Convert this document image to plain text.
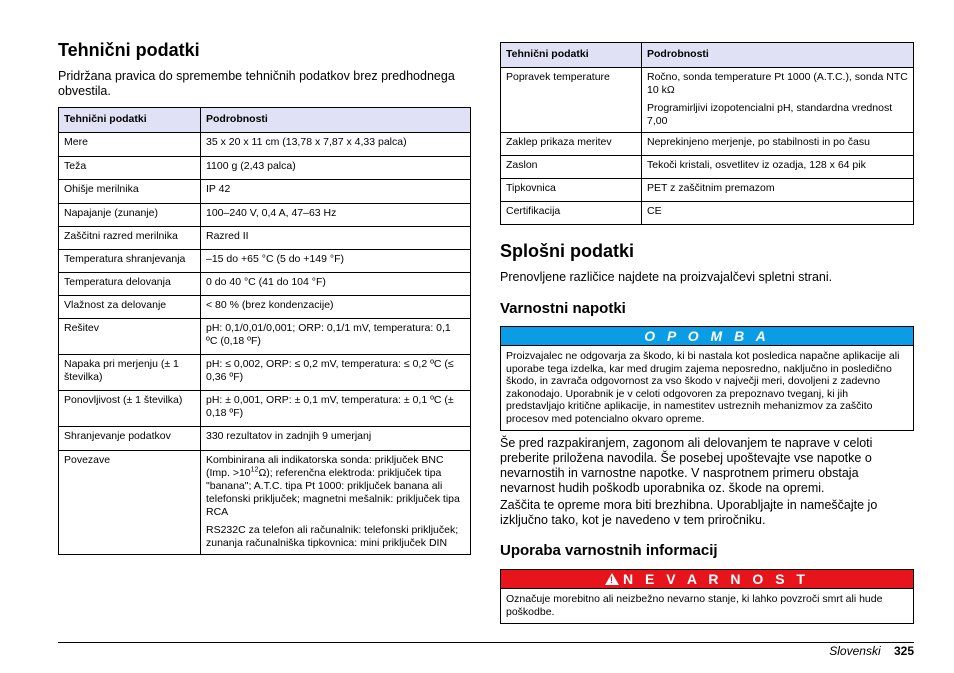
Tehnični podatki

Pridržana pravica do spremembe tehničnih podatkov brez predhodnega obvestila.

Tehnični podatki	Podrobnosti
Mere	35 x 20 x 11 cm (13,78 x 7,87 x 4,33 palca)
Teža	1100 g (2,43 palca)
Ohišje merilnika	IP 42
Napajanje (zunanje)	100–240 V, 0,4 A, 47–63 Hz
Zaščitni razred merilnika	Razred II
Temperatura shranjevanja	–15 do +65 °C (5 do +149 °F)
Temperatura delovanja	0 do 40 °C (41 do 104 °F)
Vlažnost za delovanje	< 80 % (brez kondenzacije)
Rešitev	pH: 0,1/0,01/0,001; ORP: 0,1/1 mV, temperatura: 0,1 ºC (0,18 ºF)
Napaka pri merjenju (± 1 številka)	pH: ≤ 0,002, ORP: ≤ 0,2 mV, temperatura: ≤ 0,2 ºC (≤ 0,36 ºF)
Ponovljivost (± 1 številka)	pH: ± 0,001, ORP: ± 0,1 mV, temperatura: ± 0,1 ºC (± 0,18 ºF)
Shranjevanje podatkov	330 rezultatov in zadnjih 9 umerjanj
Povezave	Kombinirana ali indikatorska sonda: priključek BNC (Imp. $>10^{12}\Omega$); referenčna elektroda: priključek tipa "banana"; A.T.C. tipa Pt 1000: priključek banana ali telefonski priključek; magnetni mešalnik: priključek tipa RCA

RS232C za telefon ali računalnik: telefonski priključek; zunanja računalniška tipkovnica: mini priključek DIN

Tehnični podatki	Podrobnosti
Popravek temperature	Ročno, sonda temperature Pt 1000 (A.T.C.), sonda NTC 10 kΩ

Programirljivi izopotencialni pH, standardna vrednost 7,00

Zaklep prikaza meritev	Neprekinjeno merjenje, po stabilnosti in po času
Zaslon	Tekoči kristali, osvetlitev iz ozadja, 128 x 64 pik
Tipkovnica	PET z zaščitnim premazom
Certifikacija	CE
Splošni podatki

Prenovljene različice najdete na proizvajalčevi spletni strani.

Varnostni napotki
O P O M B A
Proizvajalec ne odgovarja za škodo, ki bi nastala kot posledica napačne aplikacije ali uporabe tega izdelka, kar med drugim zajema neposredno, naključno in posledično škodo, in zavrača odgovornost za vso škodo v največji meri, dovoljeni z zadevno zakonodajo. Uporabnik je v celoti odgovoren za prepoznavo tveganj, ki jih predstavljajo kritične aplikacije, in namestitev ustreznih mehanizmov za zaščito procesov med potencialno okvaro opreme.

Še pred razpakiranjem, zagonom ali delovanjem te naprave v celoti preberite priložena navodila. Še posebej upoštevajte vse napotke o nevarnostih in varnostne napotke. V nasprotnem primeru obstaja nevarnost hudih poškodb uporabnika oz. škode na opremi.

Zaščita te opreme mora biti brezhibna. Uporabljajte in nameščajte jo izključno tako, kot je navedeno v tem priročniku.

Uporaba varnostnih informacij
! N E V A R N O S T
Označuje morebitno ali neizbežno nevarno stanje, ki lahko povzroči smrt ali hude poškodbe.
Slovenski 325
